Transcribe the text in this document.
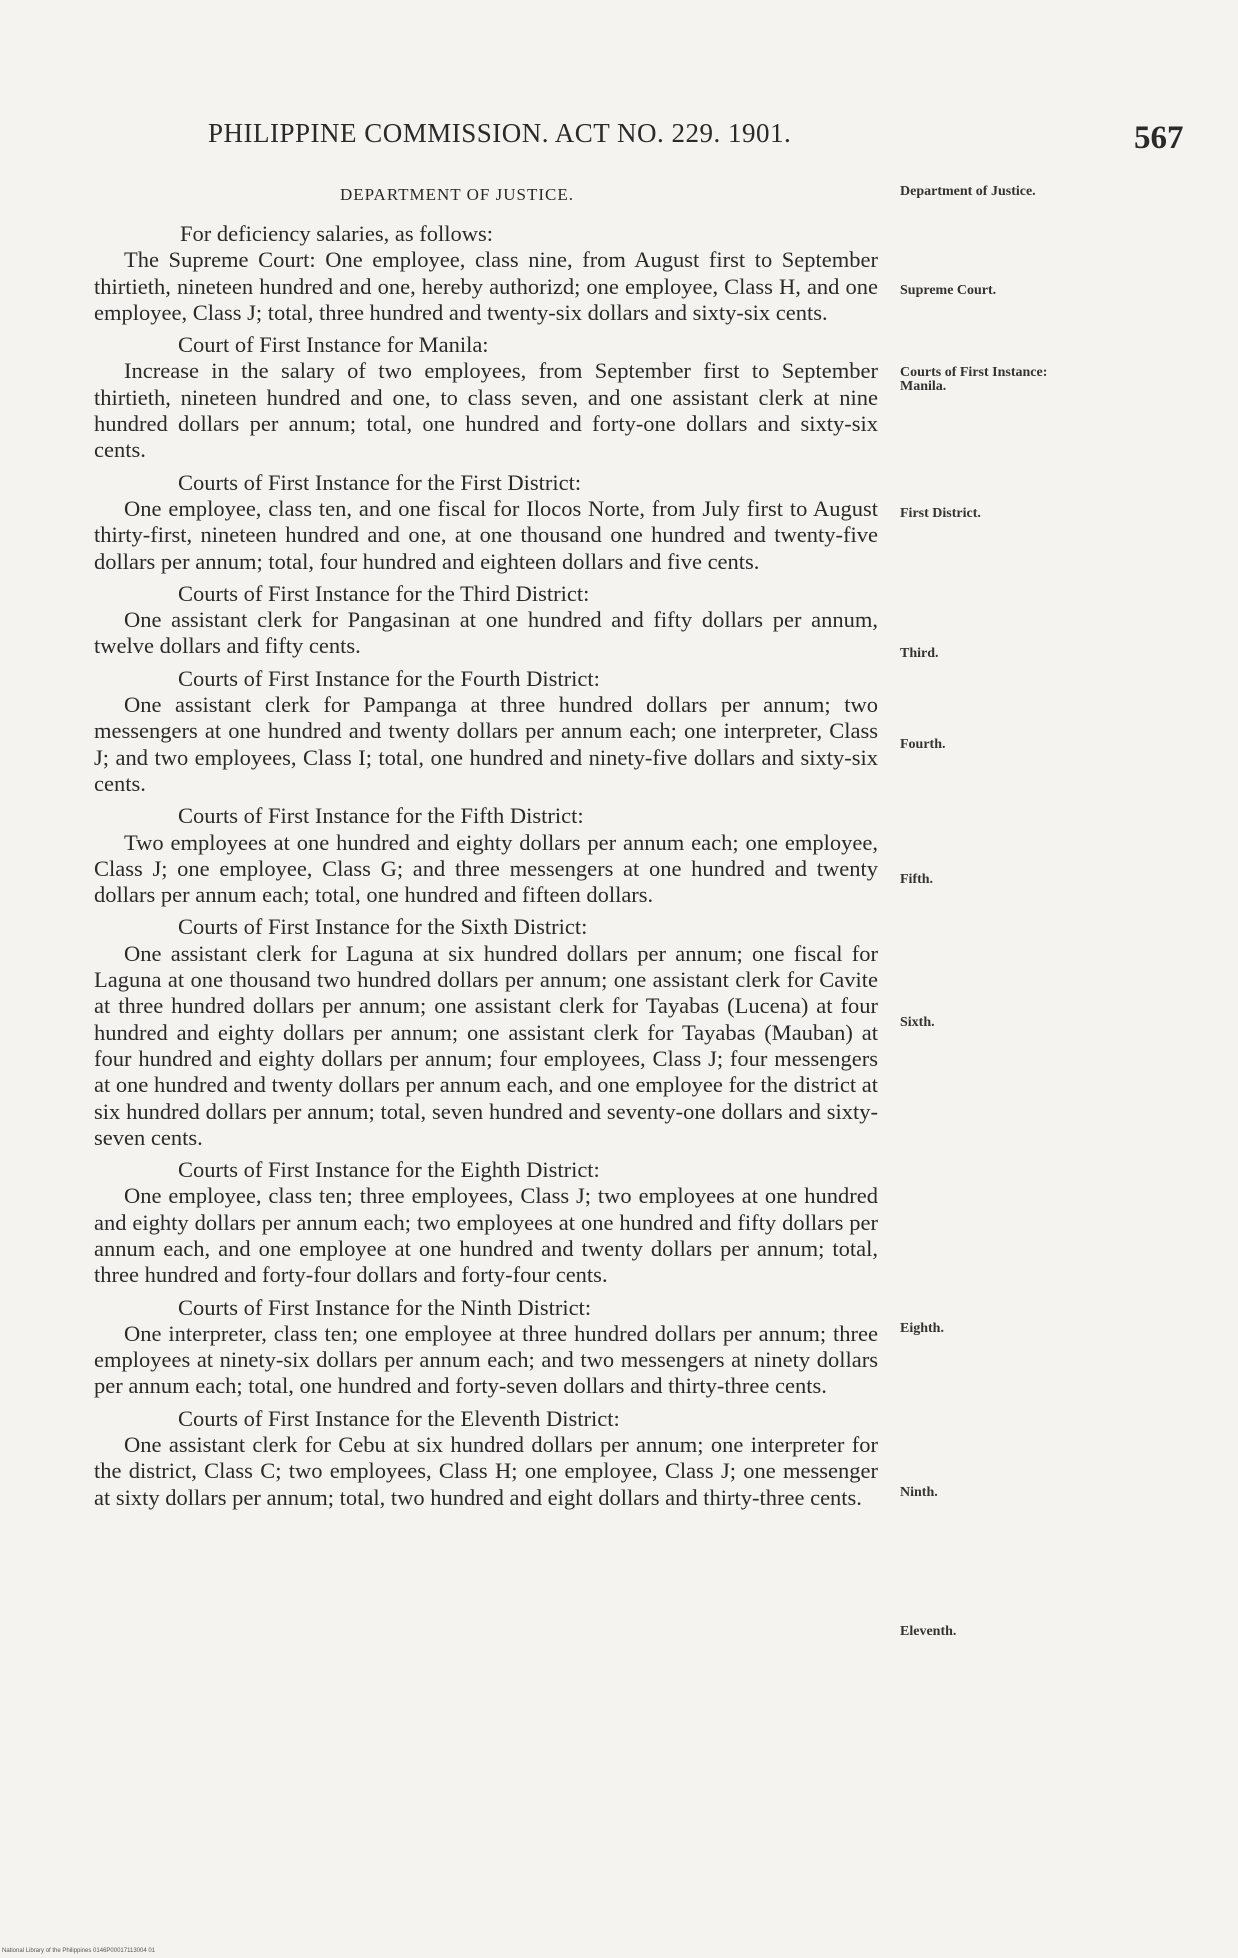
PHILIPPINE COMMISSION. ACT NO. 229. 1901.	567
DEPARTMENT OF JUSTICE.

For deficiency salaries, as follows:

The Supreme Court: One employee, class nine, from August first to September thirtieth, nineteen hundred and one, hereby authorizd; one employee, Class H, and one employee, Class J; total, three hundred and twenty-six dollars and sixty-six cents.

Court of First Instance for Manila:

Increase in the salary of two employees, from September first to September thirtieth, nineteen hundred and one, to class seven, and one assistant clerk at nine hundred dollars per annum; total, one hundred and forty-one dollars and sixty-six cents.

Courts of First Instance for the First District:

One employee, class ten, and one fiscal for Ilocos Norte, from July first to August thirty-first, nineteen hundred and one, at one thousand one hundred and twenty-five dollars per annum; total, four hundred and eighteen dollars and five cents.

Courts of First Instance for the Third District:

One assistant clerk for Pangasinan at one hundred and fifty dollars per annum, twelve dollars and fifty cents.

Courts of First Instance for the Fourth District:

One assistant clerk for Pampanga at three hundred dollars per annum; two messengers at one hundred and twenty dollars per annum each; one interpreter, Class J; and two employees, Class I; total, one hundred and ninety-five dollars and sixty-six cents.

Courts of First Instance for the Fifth District:

Two employees at one hundred and eighty dollars per annum each; one employee, Class J; one employee, Class G; and three messengers at one hundred and twenty dollars per annum each; total, one hundred and fifteen dollars.

Courts of First Instance for the Sixth District:

One assistant clerk for Laguna at six hundred dollars per annum; one fiscal for Laguna at one thousand two hundred dollars per annum; one assistant clerk for Cavite at three hundred dollars per annum; one assistant clerk for Tayabas (Lucena) at four hundred and eighty dollars per annum; one assistant clerk for Tayabas (Mauban) at four hundred and eighty dollars per annum; four employees, Class J; four messengers at one hundred and twenty dollars per annum each, and one employee for the district at six hundred dollars per annum; total, seven hundred and seventy-one dollars and sixty-seven cents.

Courts of First Instance for the Eighth District:

One employee, class ten; three employees, Class J; two employees at one hundred and eighty dollars per annum each; two employees at one hundred and fifty dollars per annum each, and one employee at one hundred and twenty dollars per annum; total, three hundred and forty-four dollars and forty-four cents.

Courts of First Instance for the Ninth District:

One interpreter, class ten; one employee at three hundred dollars per annum; three employees at ninety-six dollars per annum each; and two messengers at ninety dollars per annum each; total, one hundred and forty-seven dollars and thirty-three cents.

Courts of First Instance for the Eleventh District:

One assistant clerk for Cebu at six hundred dollars per annum; one interpreter for the district, Class C; two employees, Class H; one employee, Class J; one messenger at sixty dollars per annum; total, two hundred and eight dollars and thirty-three cents.

Department of Justice.
Supreme Court.
Courts of First Instance: Manila.
First District.
Third.
Fourth.
Fifth.
Sixth.
Eighth.
Ninth.
Eleventh.
National Library of the Philippines 0146P00017113004 01
